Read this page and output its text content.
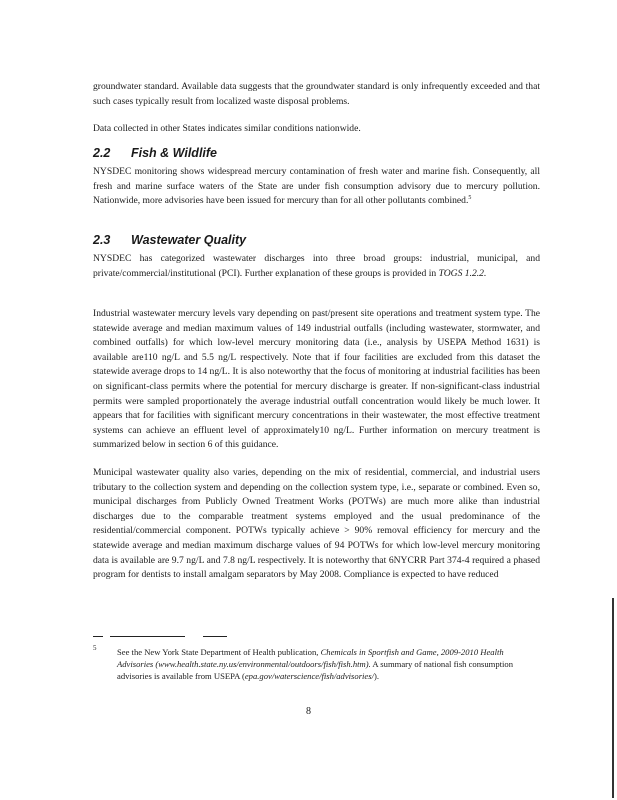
groundwater standard. Available data suggests that the groundwater standard is only infrequently exceeded and that such cases typically result from localized waste disposal problems.

Data collected in other States indicates similar conditions nationwide.

2.2 Fish & Wildlife

NYSDEC monitoring shows widespread mercury contamination of fresh water and marine fish. Consequently, all fresh and marine surface waters of the State are under fish consumption advisory due to mercury pollution. Nationwide, more advisories have been issued for mercury than for all other pollutants combined.$^5$

2.3 Wastewater Quality

NYSDEC has categorized wastewater discharges into three broad groups: industrial, municipal, and private/commercial/institutional (PCI). Further explanation of these groups is provided in TOGS 1.2.2.

Industrial wastewater mercury levels vary depending on past/present site operations and treatment system type. The statewide average and median maximum values of 149 industrial outfalls (including wastewater, stormwater, and combined outfalls) for which low-level mercury monitoring data (i.e., analysis by USEPA Method 1631) is available are110 ng/L and 5.5 ng/L respectively. Note that if four facilities are excluded from this dataset the statewide average drops to 14 ng/L. It is also noteworthy that the focus of monitoring at industrial facilities has been on significant-class permits where the potential for mercury discharge is greater. If non-significant-class industrial permits were sampled proportionately the average industrial outfall concentration would likely be much lower. It appears that for facilities with significant mercury concentrations in their wastewater, the most effective treatment systems can achieve an effluent level of approximately10 ng/L. Further information on mercury treatment is summarized below in section 6 of this guidance.

Municipal wastewater quality also varies, depending on the mix of residential, commercial, and industrial users tributary to the collection system and depending on the collection system type, i.e., separate or combined. Even so, municipal discharges from Publicly Owned Treatment Works (POTWs) are much more alike than industrial discharges due to the comparable treatment systems employed and the usual predominance of the residential/commercial component. POTWs typically achieve > 90% removal efficiency for mercury and the statewide average and median maximum discharge values of 94 POTWs for which low-level mercury monitoring data is available are 9.7 ng/L and 7.8 ng/L respectively. It is noteworthy that 6NYCRR Part 374-4 required a phased program for dentists to install amalgam separators by May 2008. Compliance is expected to have reduced

5	See the New York State Department of Health publication, Chemicals in Sportfish and Game, 2009-2010 Health Advisories (www.health.state.ny.us/environmental/outdoors/fish/fish.htm). A summary of national fish consumption advisories is available from USEPA (epa.gov/waterscience/fish/advisories/).
8
